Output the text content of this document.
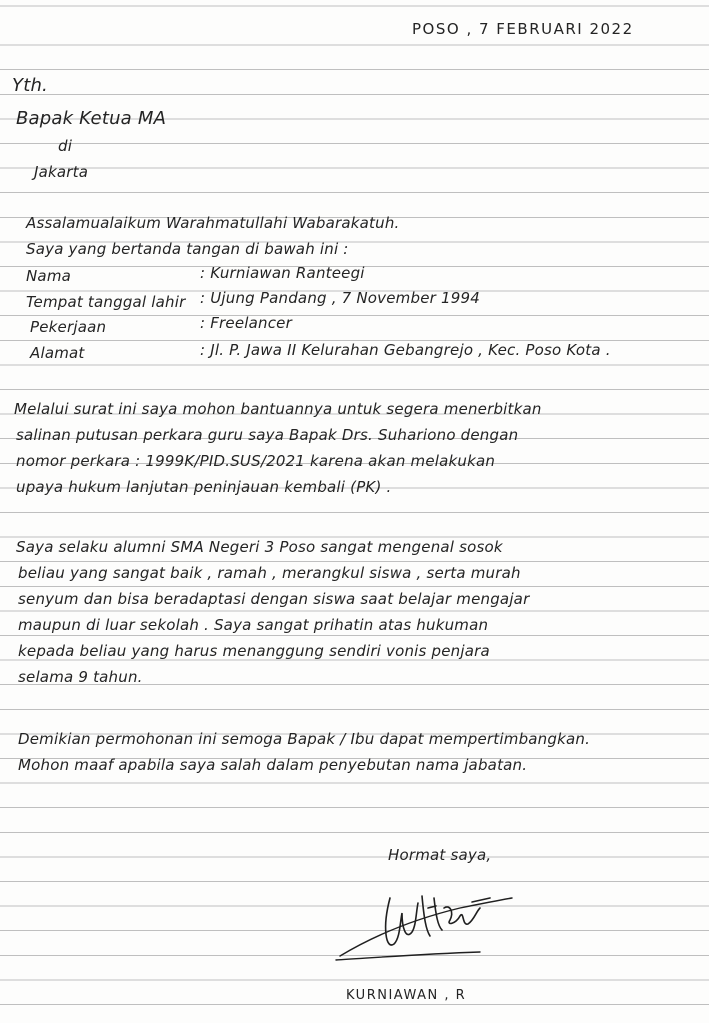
POSO , 7 FEBRUARI 2022
Yth.
Bapak Ketua MA
di
Jakarta
Assalamualaikum Warahmatullahi Wabarakatuh.
Saya yang bertanda tangan di bawah ini :
Nama	: Kurniawan Ranteegi
Tempat tanggal lahir : Ujung Pandang , 7 November 1994
Pekerjaan	: Freelancer
Alamat	: Jl. P. Jawa II Kelurahan Gebangrejo , Kec. Poso Kota .
Melalui surat ini saya mohon bantuannya untuk segera menerbitkan
salinan putusan perkara guru saya Bapak Drs. Suhariono dengan
nomor perkara : 1999K/PID.SUS/2021 karena akan melakukan
upaya hukum lanjutan peninjauan kembali (PK) .
Saya selaku alumni SMA Negeri 3 Poso sangat mengenal sosok
beliau yang sangat baik , ramah , merangkul siswa , serta murah
senyum dan bisa beradaptasi dengan siswa saat belajar mengajar
maupun di luar sekolah . Saya sangat prihatin atas hukuman
kepada beliau yang harus menanggung sendiri vonis penjara
selama 9 tahun.
Demikian permohonan ini semoga Bapak / Ibu dapat mempertimbangkan.
Mohon maaf apabila saya salah dalam penyebutan nama jabatan.
Hormat saya,
KURNIAWAN , R
